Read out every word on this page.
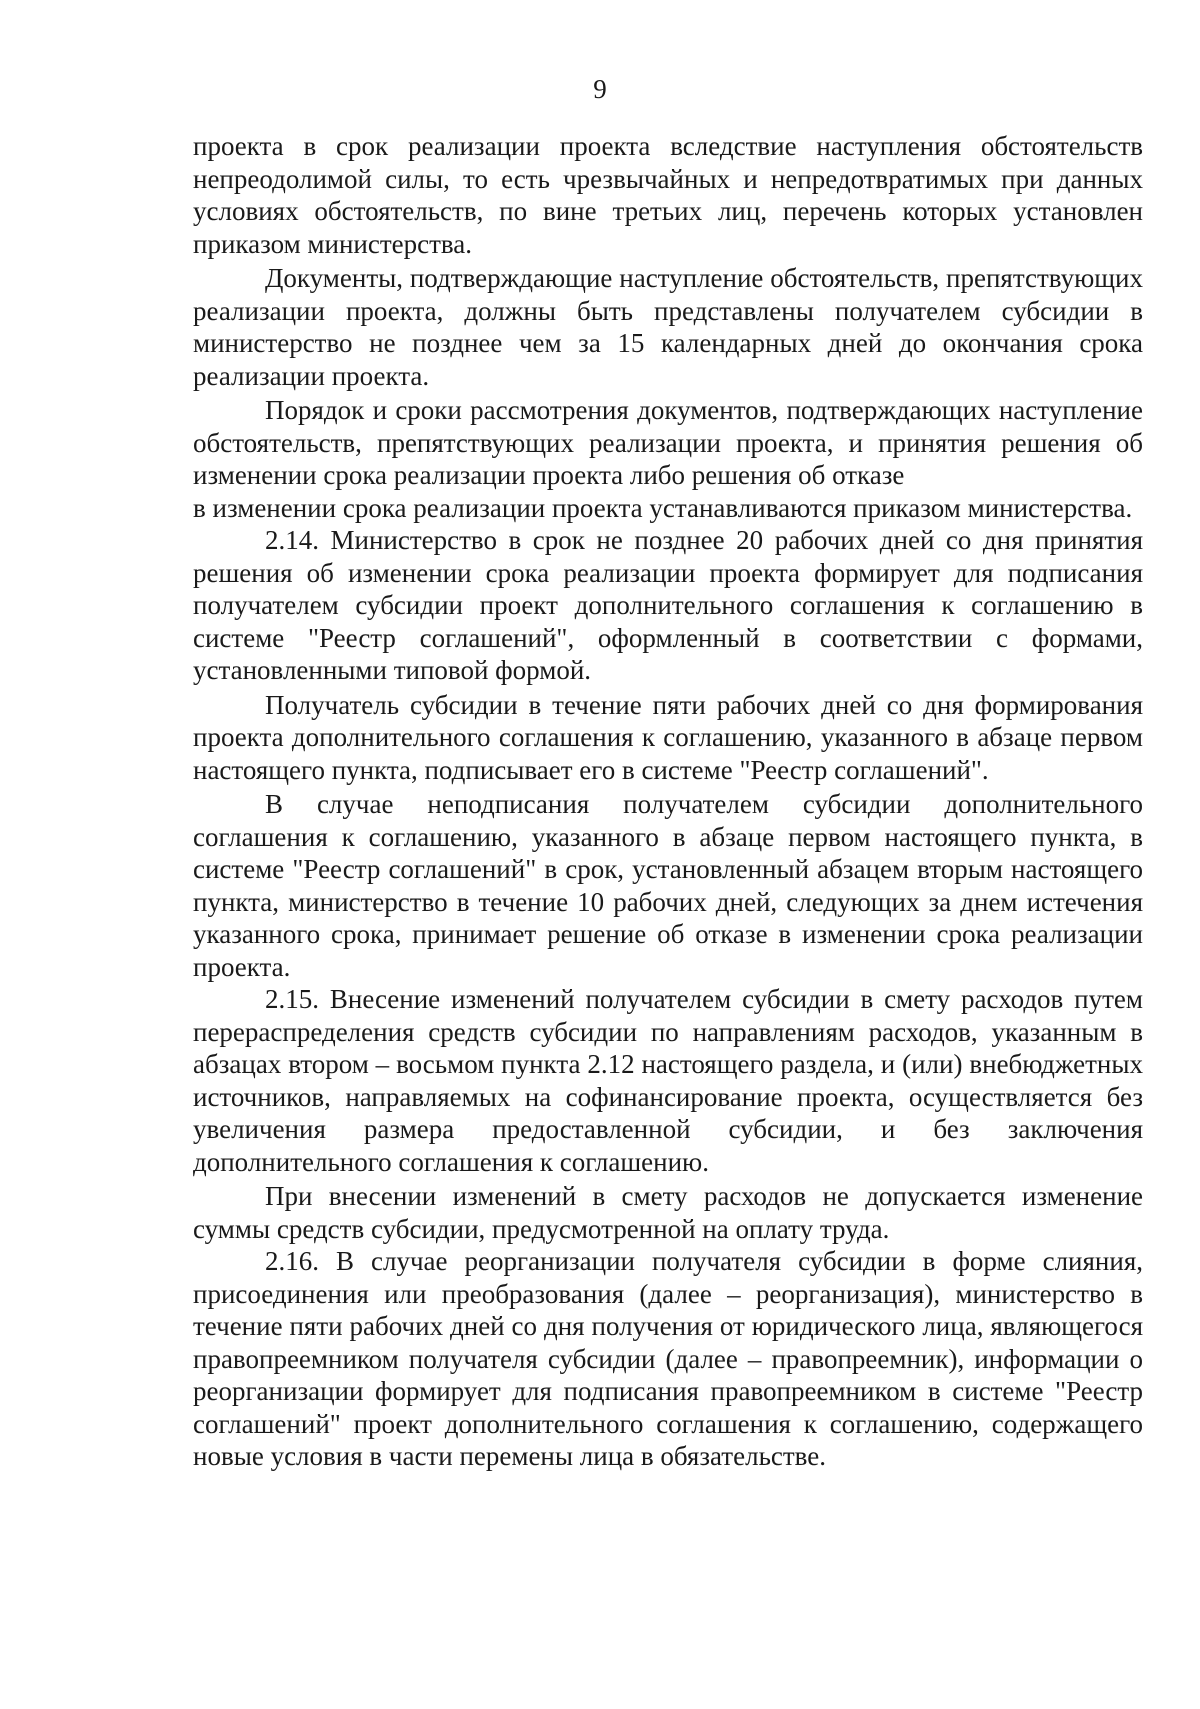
9

проекта в срок реализации проекта вследствие наступления обстоятельств непреодолимой силы, то есть чрезвычайных и непредотвратимых при данных условиях обстоятельств, по вине третьих лиц, перечень которых установлен приказом министерства.

Документы, подтверждающие наступление обстоятельств, препятствующих реализации проекта, должны быть представлены получателем субсидии в министерство не позднее чем за 15 календарных дней до окончания срока реализации проекта.

Порядок и сроки рассмотрения документов, подтверждающих наступление обстоятельств, препятствующих реализации проекта, и принятия решения об изменении срока реализации проекта либо решения об отказе

в изменении срока реализации проекта устанавливаются приказом министерства.

2.14. Министерство в срок не позднее 20 рабочих дней со дня принятия решения об изменении срока реализации проекта формирует для подписания получателем субсидии проект дополнительного соглашения к соглашению в системе "Реестр соглашений", оформленный в соответствии с формами, установленными типовой формой.

Получатель субсидии в течение пяти рабочих дней со дня формирования проекта дополнительного соглашения к соглашению, указанного в абзаце первом настоящего пункта, подписывает его в системе "Реестр соглашений".

В случае неподписания получателем субсидии дополнительного соглашения к соглашению, указанного в абзаце первом настоящего пункта, в системе "Реестр соглашений" в срок, установленный абзацем вторым настоящего пункта, министерство в течение 10 рабочих дней, следующих за днем истечения указанного срока, принимает решение об отказе в изменении срока реализации проекта.

2.15. Внесение изменений получателем субсидии в смету расходов путем перераспределения средств субсидии по направлениям расходов, указанным в абзацах втором – восьмом пункта 2.12 настоящего раздела, и (или) внебюджетных источников, направляемых на софинансирование проекта, осуществляется без увеличения размера предоставленной субсидии, и без заключения дополнительного соглашения к соглашению.

При внесении изменений в смету расходов не допускается изменение суммы средств субсидии, предусмотренной на оплату труда.

2.16. В случае реорганизации получателя субсидии в форме слияния, присоединения или преобразования (далее – реорганизация), министерство в течение пяти рабочих дней со дня получения от юридического лица, являющегося правопреемником получателя субсидии (далее – правопреемник), информации о реорганизации формирует для подписания правопреемником в системе "Реестр соглашений" проект дополнительного соглашения к соглашению, содержащего новые условия в части перемены лица в обязательстве.
